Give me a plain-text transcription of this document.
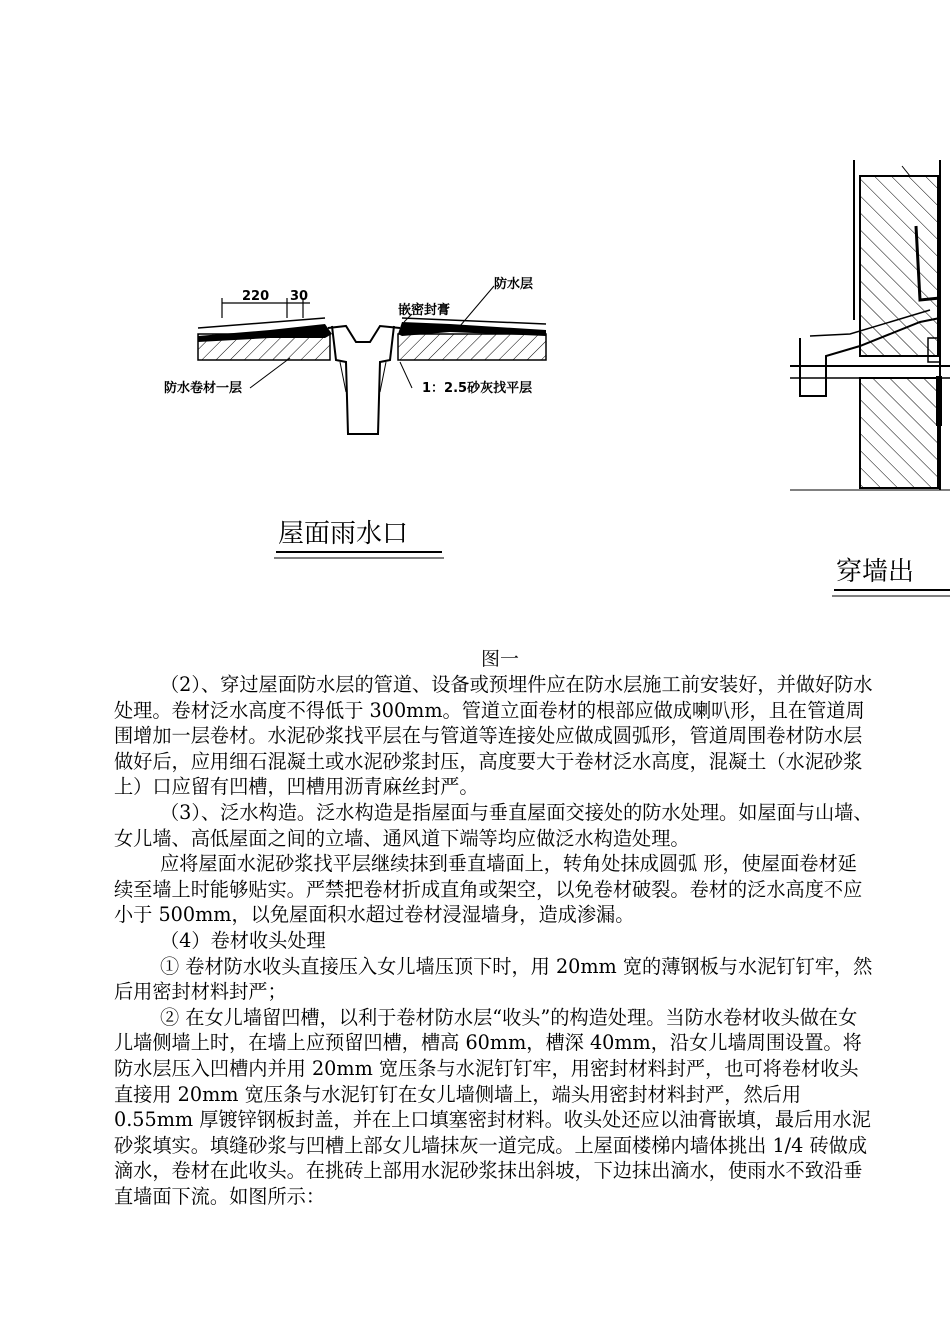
220 30
防水层
嵌密封膏
防水卷材一层	1：2.5砂灰找平层
屋面雨水口
穿墙出
图一

（2）、穿过屋面防水层的管道、设备或预埋件应在防水层施工前安装好，并做好防水处理。卷材泛水高度不得低于 300mm。管道立面卷材的根部应做成喇叭形，且在管道周围增加一层卷材。水泥砂浆找平层在与管道等连接处应做成圆弧形，管道周围卷材防水层做好后，应用细石混凝土或水泥砂浆封压，高度要大于卷材泛水高度，混凝土（水泥砂浆上）口应留有凹槽，凹槽用沥青麻丝封严。

（3）、泛水构造。泛水构造是指屋面与垂直屋面交接处的防水处理。如屋面与山墙、女儿墙、高低屋面之间的立墙、通风道下端等均应做泛水构造处理。

应将屋面水泥砂浆找平层继续抹到垂直墙面上，转角处抹成圆弧 形，使屋面卷材延续至墙上时能够贴实。严禁把卷材折成直角或架空，以免卷材破裂。卷材的泛水高度不应小于 500mm，以免屋面积水超过卷材浸湿墙身，造成渗漏。

（4）卷材收头处理

① 卷材防水收头直接压入女儿墙压顶下时，用 20mm 宽的薄钢板与水泥钉钉牢，然后用密封材料封严；

② 在女儿墙留凹槽，以利于卷材防水层“收头”的构造处理。当防水卷材收头做在女儿墙侧墙上时，在墙上应预留凹槽，槽高 60mm，槽深 40mm，沿女儿墙周围设置。将防水层压入凹槽内并用 20mm 宽压条与水泥钉钉牢，用密封材料封严，也可将卷材收头直接用 20mm 宽压条与水泥钉钉在女儿墙侧墙上，端头用密封材料封严，然后用 0.55mm 厚镀锌钢板封盖，并在上口填塞密封材料。收头处还应以油膏嵌填，最后用水泥砂浆填实。填缝砂浆与凹槽上部女儿墙抹灰一道完成。上屋面楼梯内墙体挑出 1/4 砖做成滴水，卷材在此收头。在挑砖上部用水泥砂浆抹出斜坡，下边抹出滴水，使雨水不致沿垂直墙面下流。如图所示：
